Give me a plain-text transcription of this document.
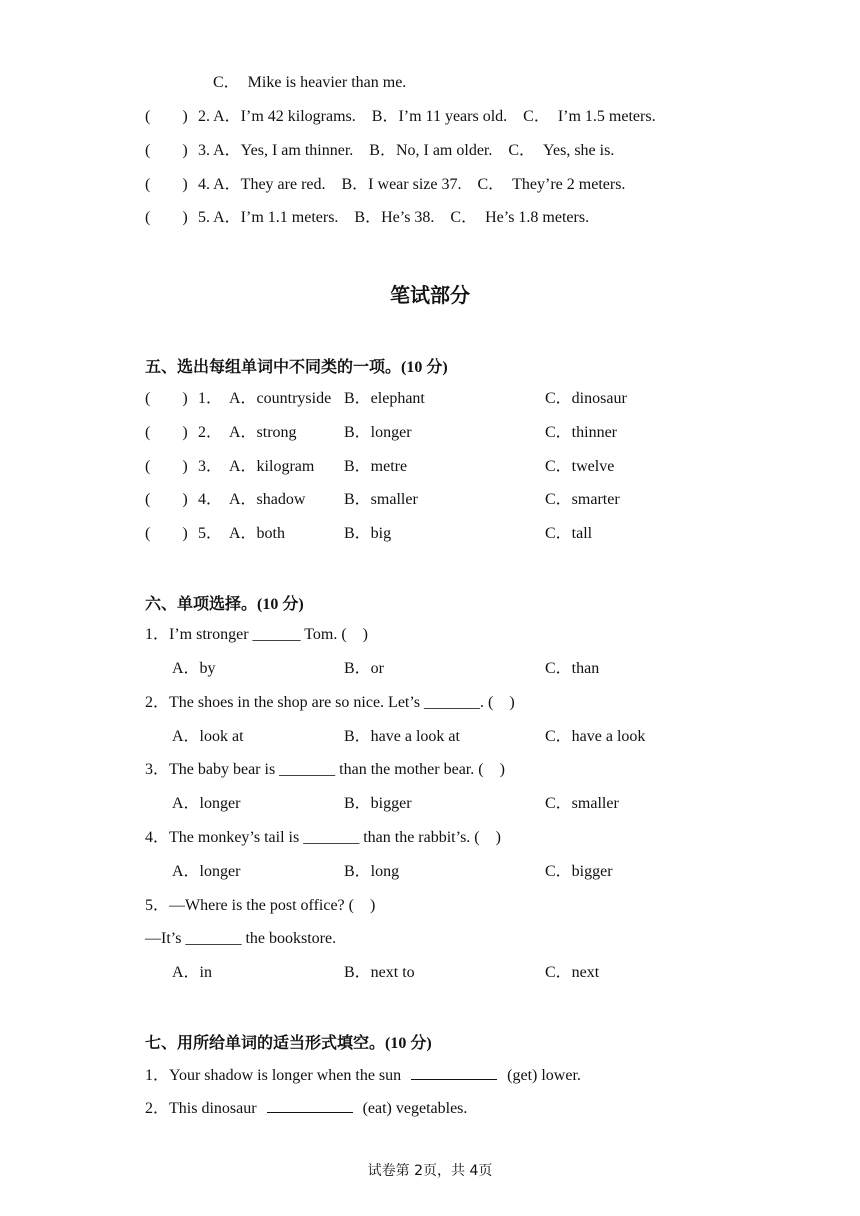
C．　Mike is heavier than me.
(　　) 2. A．I’m 42 kilograms.　B．I’m 11 years old.　C．　I’m 1.5 meters.
(　　) 3. A．Yes, I am thinner.　B．No, I am older.　C．　Yes, she is.
(　　) 4. A．They are red.　B．I wear size 37.　C．　They’re 2 meters.
(　　) 5. A．I’m 1.1 meters.　B．He’s 38.　C．　He’s 1.8 meters.
笔试部分
五、选出每组单词中不同类的一项。(10 分)
(　　) 1． A．countryside B．elephant	C．dinosaur
(　　) 2． A．strong	B．longer	C．thinner
(　　) 3． A．kilogram B．metre	C．twelve
(　　) 4． A．shadow B．smaller	C．smarter
(　　) 5． A．both	B．big	C．tall
六、单项选择。(10 分)
1．I’m stronger ______ Tom. (　)
A．by	B．or	C．than
2．The shoes in the shop are so nice. Let’s _______. (　)
A．look at	B．have a look at	C．have a look
3．The baby bear is _______ than the mother bear. (　)
A．longer	B．bigger	C．smaller
4．The monkey’s tail is _______ than the rabbit’s. (　)
A．longer	B．long	C．bigger
5．—Where is the post office? (　)
—It’s _______ the bookstore.
A．in	B．next to	C．next
七、用所给单词的适当形式填空。(10 分)
1．Your shadow is longer when the sun	(get) lower.
2．This dinosaur	(eat) vegetables.
试卷第 2页，共 4页
